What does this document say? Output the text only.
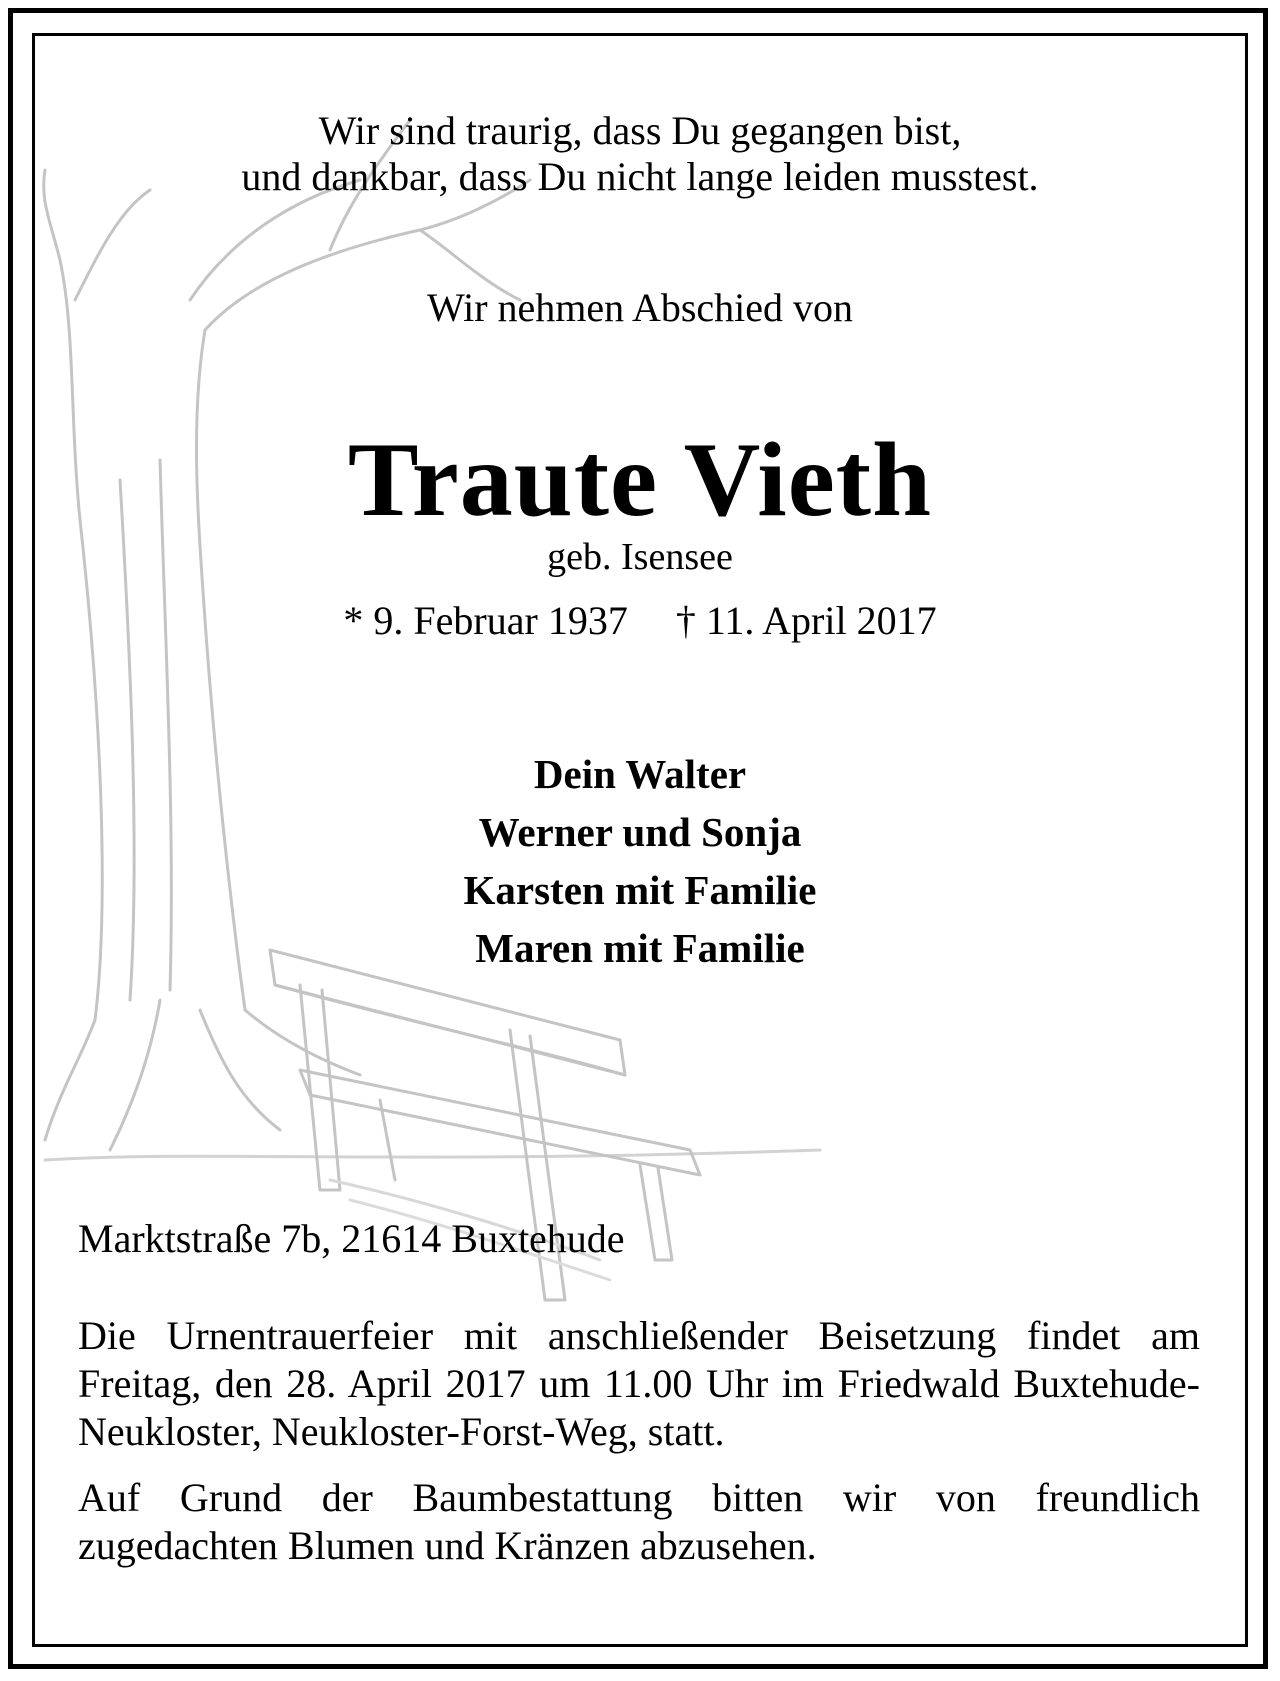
Wir sind traurig, dass Du gegangen bist,
und dankbar, dass Du nicht lange leiden musstest.
Wir nehmen Abschied von
Traute Vieth
geb. Isensee
* 9. Februar 1937 † 11. April 2017
Dein Walter
Werner und Sonja
Karsten mit Familie
Maren mit Familie
Marktstraße 7b, 21614 Buxtehude
Die Urnentrauerfeier mit anschließender Beisetzung findet am Freitag, den 28. April 2017 um 11.00 Uhr im Friedwald Buxtehude-Neukloster, Neukloster-Forst-Weg, statt.
Auf Grund der Baumbestattung bitten wir von freundlich zugedachten Blumen und Kränzen abzusehen.
